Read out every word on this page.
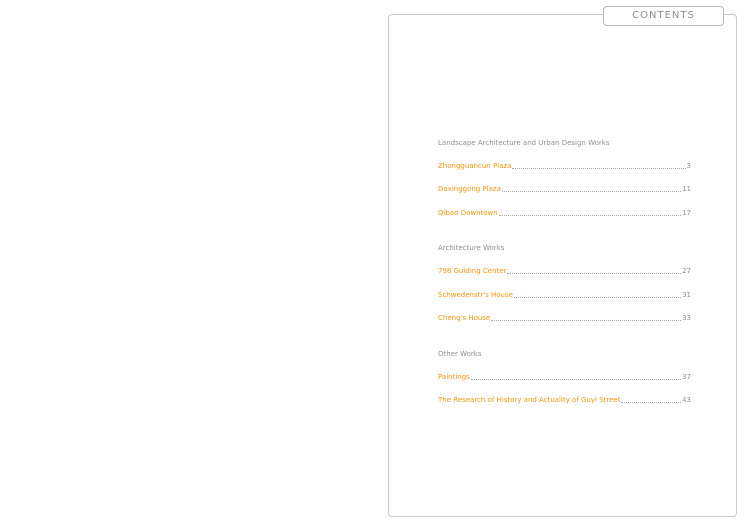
CONTENTS
Landscape Architecture and Urban Design Works
Zhongguancun Plaza	3
Daxinggong Plaza	11
Qibao Downtown	17
Architecture Works
798 Guiding Center	27
Schwedenstr's House	31
Cheng's House	33
Other Works
Paintings	37
The Research of History and Actuality of Guyi Street	43
